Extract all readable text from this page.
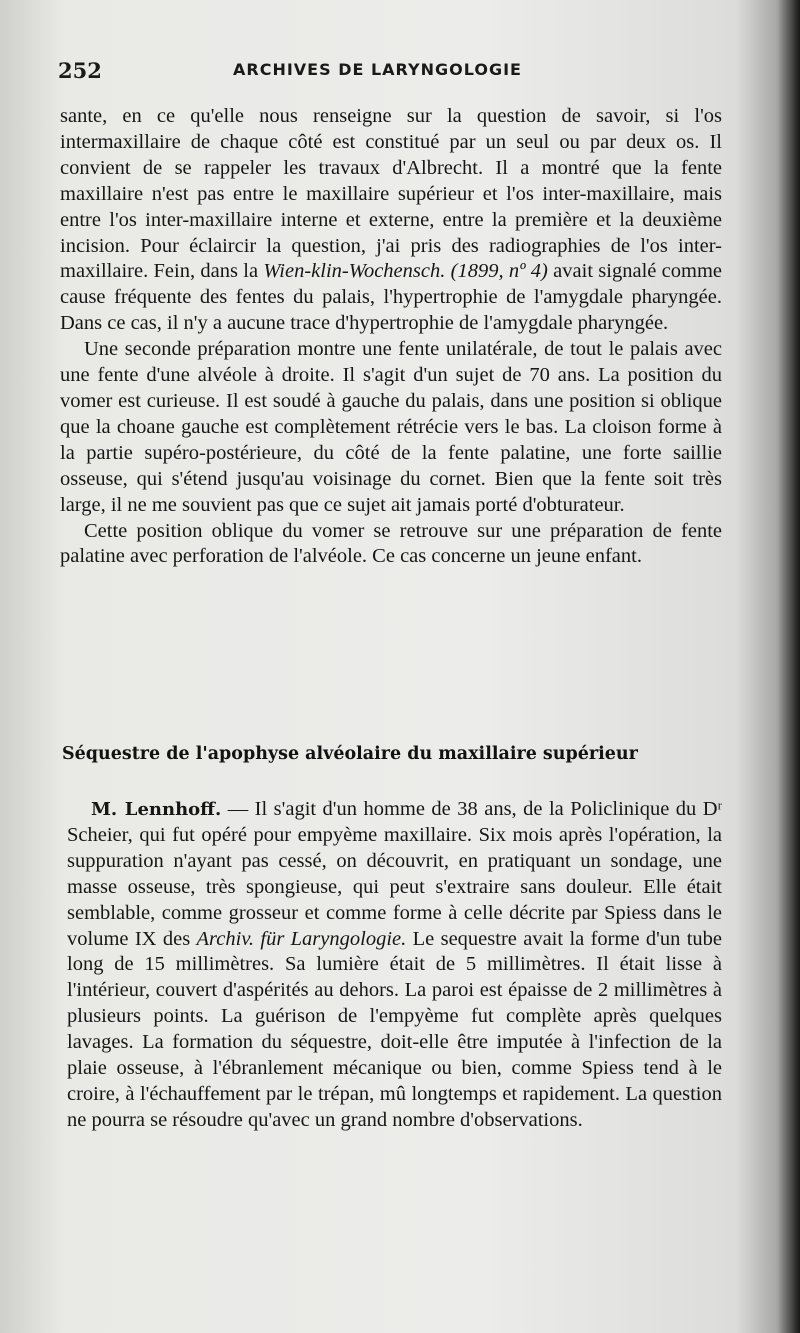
252	ARCHIVES DE LARYNGOLOGIE

sante, en ce qu'elle nous renseigne sur la question de savoir, si l'os intermaxillaire de chaque côté est constitué par un seul ou par deux os. Il convient de se rappeler les travaux d'Albrecht. Il a montré que la fente maxillaire n'est pas entre le maxillaire supérieur et l'os inter-maxillaire, mais entre l'os inter-maxillaire interne et externe, entre la première et la deuxième incision. Pour éclaircir la question, j'ai pris des radiographies de l'os inter-maxillaire. Fein, dans la Wien-klin-Wochensch. (1899, nº 4) avait signalé comme cause fréquente des fentes du palais, l'hypertrophie de l'amygdale pharyngée. Dans ce cas, il n'y a aucune trace d'hypertrophie de l'amygdale pharyngée.

Une seconde préparation montre une fente unilatérale, de tout le palais avec une fente d'une alvéole à droite. Il s'agit d'un sujet de 70 ans. La position du vomer est curieuse. Il est soudé à gauche du palais, dans une position si oblique que la choane gauche est complètement rétrécie vers le bas. La cloison forme à la partie supéro-postérieure, du côté de la fente palatine, une forte saillie osseuse, qui s'étend jusqu'au voisinage du cornet. Bien que la fente soit très large, il ne me souvient pas que ce sujet ait jamais porté d'obturateur.

Cette position oblique du vomer se retrouve sur une préparation de fente palatine avec perforation de l'alvéole. Ce cas concerne un jeune enfant.

Séquestre de l'apophyse alvéolaire du maxillaire supérieur

M. Lennhoff. — Il s'agit d'un homme de 38 ans, de la Policlinique du Dʳ Scheier, qui fut opéré pour empyème maxillaire. Six mois après l'opération, la suppuration n'ayant pas cessé, on découvrit, en pratiquant un sondage, une masse osseuse, très spongieuse, qui peut s'extraire sans douleur. Elle était semblable, comme grosseur et comme forme à celle décrite par Spiess dans le volume IX des Archiv. für Laryngologie. Le sequestre avait la forme d'un tube long de 15 millimètres. Sa lumière était de 5 millimètres. Il était lisse à l'intérieur, couvert d'aspérités au dehors. La paroi est épaisse de 2 millimètres à plusieurs points. La guérison de l'empyème fut complète après quelques lavages. La formation du séquestre, doit-elle être imputée à l'infection de la plaie osseuse, à l'ébranlement mécanique ou bien, comme Spiess tend à le croire, à l'échauffement par le trépan, mû longtemps et rapidement. La question ne pourra se résoudre qu'avec un grand nombre d'observations.
